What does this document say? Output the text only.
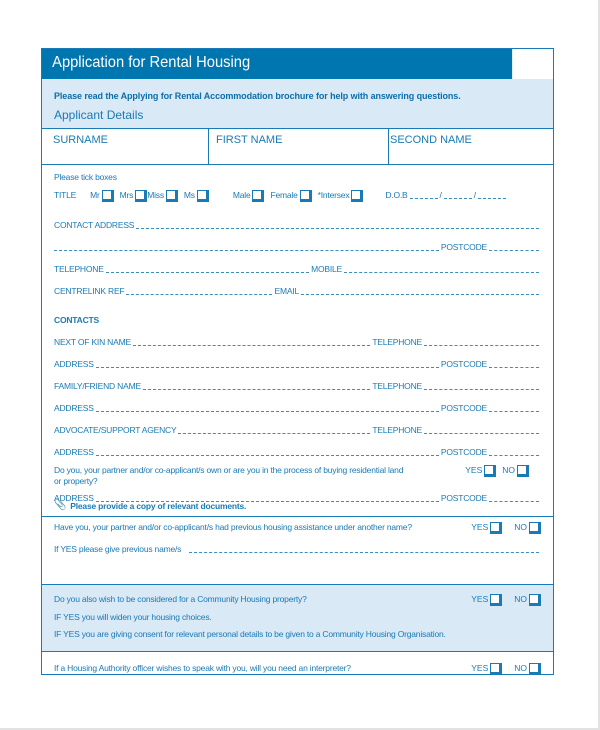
Application for Rental Housing
Please read the Applying for Rental Accommodation brochure for help with answering questions.
Applicant Details
SURNAME	FIRST NAME	SECOND NAME
Please tick boxes
TITLE Mr Mrs Miss Ms	Male Female *Intersex	D.O.B	/	/
CONTACT ADDRESS
POSTCODE
TELEPHONE	MOBILE
CENTRELINK REF	EMAIL
CONTACTS
NEXT OF KIN NAME	TELEPHONE
ADDRESS	POSTCODE
FAMILY/FRIEND NAME	TELEPHONE
ADDRESS	POSTCODE
ADVOCATE/SUPPORT AGENCY	TELEPHONE
ADDRESS	POSTCODE
Do you, your partner and/or co-applicant/s own or are you in the process of buying residential land
or property?
YES NO
ADDRESS	POSTCODE
📎 Please provide a copy of relevant documents.
Have you, your partner and/or co-applicant/s had previous housing assistance under another name?	YES	NO
If YES please give previous name/s
Do you also wish to be considered for a Community Housing property?	YES	NO
IF YES you will widen your housing choices.
IF YES you are giving consent for relevant personal details to be given to a Community Housing Organisation.
If a Housing Authority officer wishes to speak with you, will you need an interpreter?	YES	NO
